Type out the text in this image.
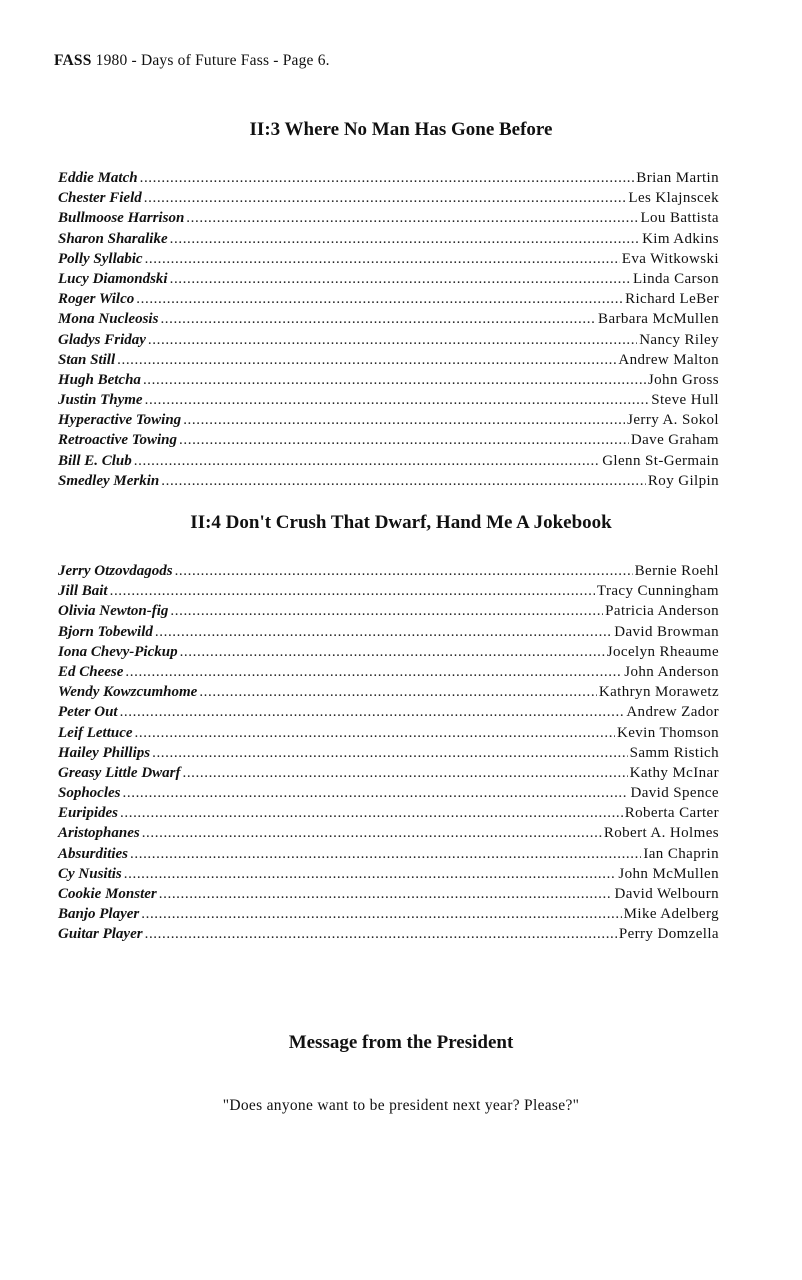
FASS 1980 - Days of Future Fass - Page 6.
II:3 Where No Man Has Gone Before
Eddie Match .....	Brian Martin
Chester Field .....	Les Klajnscek
Bullmoose Harrison .....	Lou Battista
Sharon Sharalike .....	Kim Adkins
Polly Syllabic .....	Eva Witkowski
Lucy Diamondski .....	Linda Carson
Roger Wilco .....	Richard LeBer
Mona Nucleosis .....	Barbara McMullen
Gladys Friday .....	Nancy Riley
Stan Still .....	Andrew Malton
Hugh Betcha .....	John Gross
Justin Thyme .....	Steve Hull
Hyperactive Towing .....	Jerry A. Sokol
Retroactive Towing .....	Dave Graham
Bill E. Club .....	Glenn St-Germain
Smedley Merkin .....	Roy Gilpin
II:4 Don't Crush That Dwarf, Hand Me A Jokebook
Jerry Otzovdagods .....	Bernie Roehl
Jill Bait .....	Tracy Cunningham
Olivia Newton-fig .....	Patricia Anderson
Bjorn Tobewild .....	David Browman
Iona Chevy-Pickup .....	Jocelyn Rheaume
Ed Cheese .....	John Anderson
Wendy Kowzcumhome .....	Kathryn Morawetz
Peter Out .....	Andrew Zador
Leif Lettuce .....	Kevin Thomson
Hailey Phillips .....	Samm Ristich
Greasy Little Dwarf .....	Kathy McInar
Sophocles .....	David Spence
Euripides .....	Roberta Carter
Aristophanes .....	Robert A. Holmes
Absurdities .....	Ian Chaprin
Cy Nusitis .....	John McMullen
Cookie Monster .....	David Welbourn
Banjo Player .....	Mike Adelberg
Guitar Player .....	Perry Domzella
Message from the President
"Does anyone want to be president next year? Please?"
